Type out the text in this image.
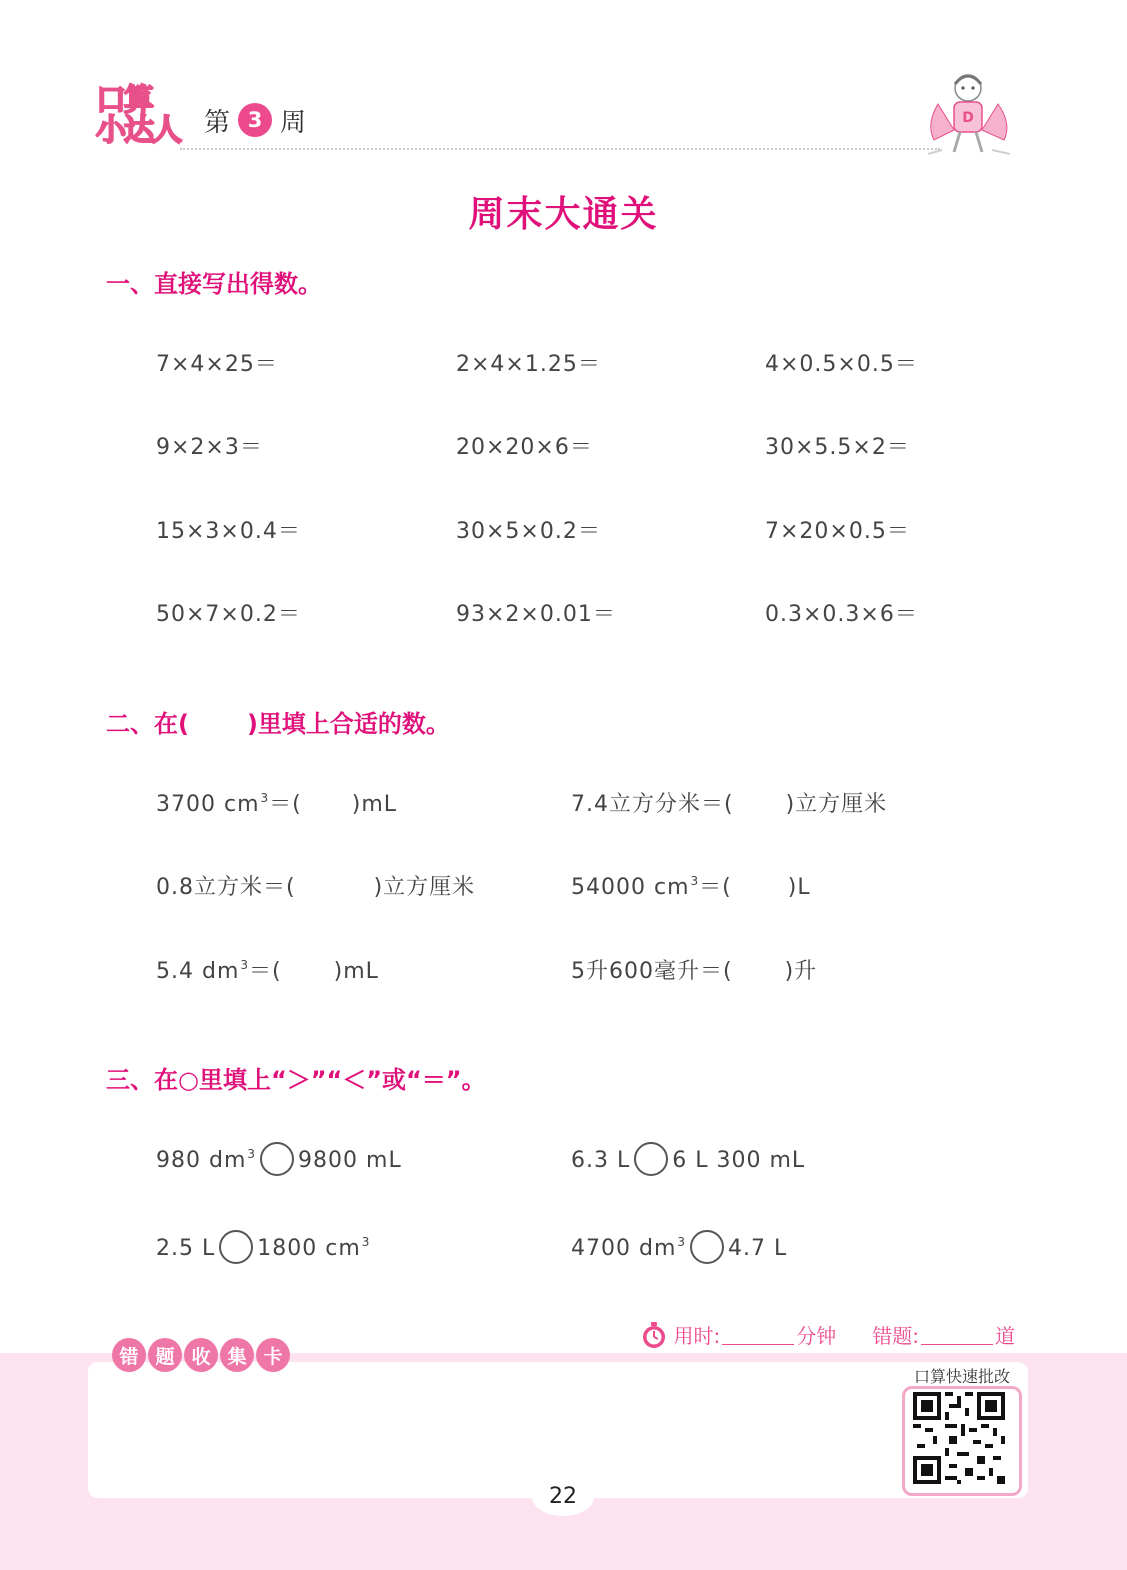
口算
小达人 第 3 周	D
周末大通关
一、直接写出得数。
7×4×25＝	2×4×1.25＝	4×0.5×0.5＝
9×2×3＝	20×20×6＝	30×5.5×2＝
15×3×0.4＝	30×5×0.2＝	7×20×0.5＝
50×7×0.2＝	93×2×0.01＝	0.3×0.3×6＝
二、在( )里填上合适的数。
3700 $cm^3=$( )mL	7.4立方分米＝( )立方厘米
0.8立方米＝(	)立方厘米	54000 $cm^3=$(	)L
5.4 $dm^3=$( )mL	5升600毫升＝( )升
三、在○里填上“＞”“＜”或“＝”。
980 $dm^3$ 9800 mL	6.3 L 6 L 300 mL
2.5 L 1800 $cm^3$	4700 $dm^3$ 4.7 L
用时:	分钟 错题:	道
错 题 收 集 卡
口算快速批改
22
